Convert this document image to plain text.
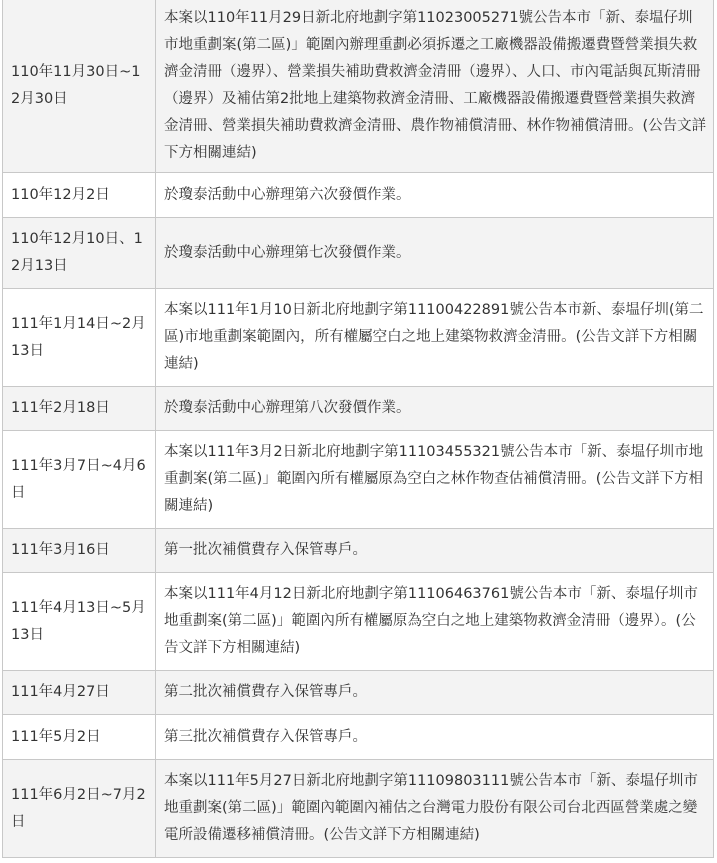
110年11月30日~12月30日	本案以110年11月29日新北府地劃字第11023005271號公告本市「新、泰塭仔圳市地重劃案(第二區)」範圍內辦理重劃必須拆遷之工廠機器設備搬遷費暨營業損失救濟金清冊（邊界）、營業損失補助費救濟金清冊（邊界）、人口、市內電話與瓦斯清冊（邊界）及補估第2批地上建築物救濟金清冊、工廠機器設備搬遷費暨營業損失救濟金清冊、營業損失補助費救濟金清冊、農作物補償清冊、林作物補償清冊。(公告文詳下方相關連結)
110年12月2日	於瓊泰活動中心辦理第六次發價作業。
110年12月10日、12月13日	於瓊泰活動中心辦理第七次發價作業。
111年1月14日~2月13日	本案以111年1月10日新北府地劃字第11100422891號公告本市新、泰塭仔圳(第二區)市地重劃案範圍內，所有權屬空白之地上建築物救濟金清冊。(公告文詳下方相關連結)
111年2月18日	於瓊泰活動中心辦理第八次發價作業。
111年3月7日~4月6日	本案以111年3月2日新北府地劃字第11103455321號公告本市「新、泰塭仔圳市地重劃案(第二區)」範圍內所有權屬原為空白之林作物查估補償清冊。(公告文詳下方相關連結)
111年3月16日	第一批次補償費存入保管專戶。
111年4月13日~5月13日	本案以111年4月12日新北府地劃字第11106463761號公告本市「新、泰塭仔圳市地重劃案(第二區)」範圍內所有權屬原為空白之地上建築物救濟金清冊（邊界）。(公告文詳下方相關連結)
111年4月27日	第二批次補償費存入保管專戶。
111年5月2日	第三批次補償費存入保管專戶。
111年6月2日~7月2日	本案以111年5月27日新北府地劃字第11109803111號公告本市「新、泰塭仔圳市地重劃案(第二區)」範圍內範圍內補估之台灣電力股份有限公司台北西區營業處之變電所設備遷移補償清冊。(公告文詳下方相關連結)
